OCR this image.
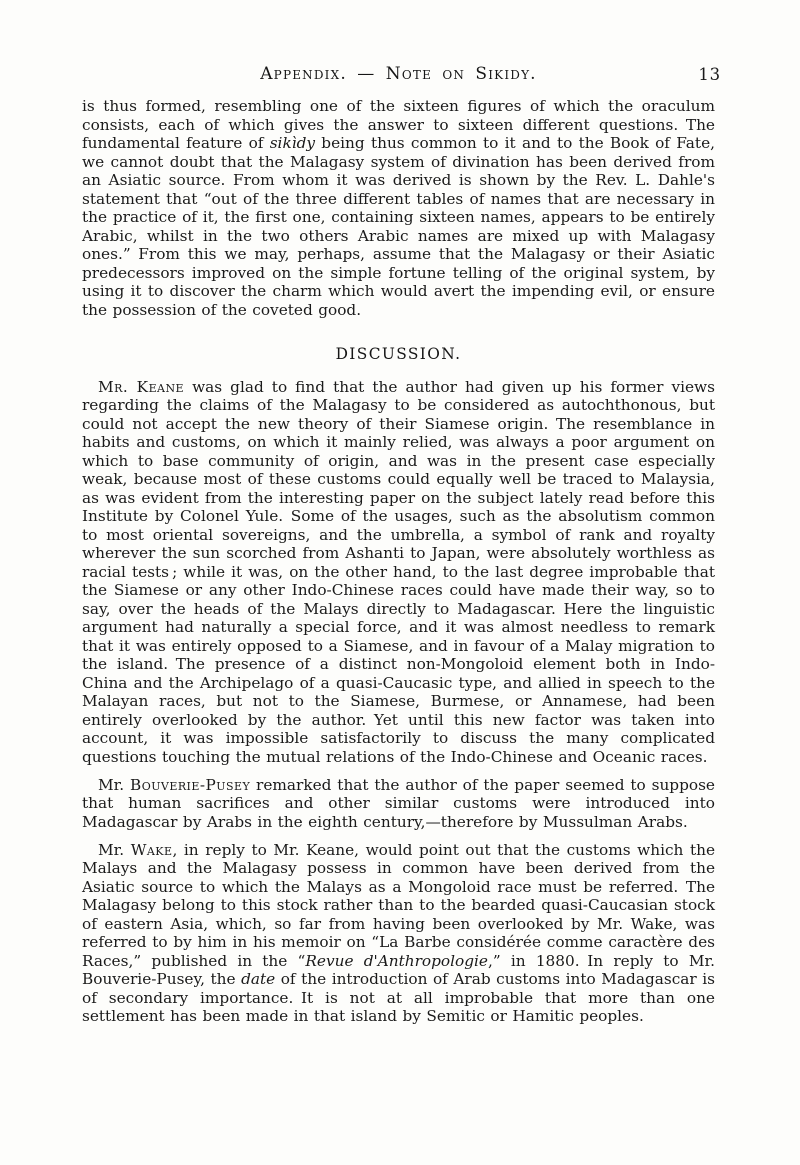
Appendix. — Note on Sikidy.	13

is thus formed, resembling one of the sixteen figures of which the oraculum consists, each of which gives the answer to sixteen different questions. The fundamental feature of sikìdy being thus common to it and to the Book of Fate, we cannot doubt that the Malagasy system of divination has been derived from an Asiatic source. From whom it was derived is shown by the Rev. L. Dahle's statement that “out of the three different tables of names that are necessary in the practice of it, the first one, containing sixteen names, appears to be entirely Arabic, whilst in the two others Arabic names are mixed up with Malagasy ones.” From this we may, perhaps, assume that the Malagasy or their Asiatic predecessors improved on the simple fortune telling of the original system, by using it to discover the charm which would avert the impending evil, or ensure the possession of the coveted good.

DISCUSSION.

Mr. Keane was glad to find that the author had given up his former views regarding the claims of the Malagasy to be considered as autochthonous, but could not accept the new theory of their Siamese origin. The resemblance in habits and customs, on which it mainly relied, was always a poor argument on which to base community of origin, and was in the present case especially weak, because most of these customs could equally well be traced to Malaysia, as was evident from the interesting paper on the subject lately read before this Institute by Colonel Yule. Some of the usages, such as the absolutism common to most oriental sovereigns, and the umbrella, a symbol of rank and royalty wherever the sun scorched from Ashanti to Japan, were absolutely worthless as racial tests ; while it was, on the other hand, to the last degree improbable that the Siamese or any other Indo-Chinese races could have made their way, so to say, over the heads of the Malays directly to Madagascar. Here the linguistic argument had naturally a special force, and it was almost needless to remark that it was entirely opposed to a Siamese, and in favour of a Malay migration to the island. The presence of a distinct non-Mongoloid element both in Indo-China and the Archipelago of a quasi-Caucasic type, and allied in speech to the Malayan races, but not to the Siamese, Burmese, or Annamese, had been entirely overlooked by the author. Yet until this new factor was taken into account, it was impossible satisfactorily to discuss the many complicated questions touching the mutual relations of the Indo-Chinese and Oceanic races.

Mr. Bouverie-Pusey remarked that the author of the paper seemed to suppose that human sacrifices and other similar customs were introduced into Madagascar by Arabs in the eighth century,—therefore by Mussulman Arabs.

Mr. Wake, in reply to Mr. Keane, would point out that the customs which the Malays and the Malagasy possess in common have been derived from the Asiatic source to which the Malays as a Mongoloid race must be referred. The Malagasy belong to this stock rather than to the bearded quasi-Caucasian stock of eastern Asia, which, so far from having been overlooked by Mr. Wake, was referred to by him in his memoir on “La Barbe considérée comme caractère des Races,” published in the “Revue d'Anthropologie,” in 1880. In reply to Mr. Bouverie-Pusey, the date of the introduction of Arab customs into Madagascar is of secondary importance. It is not at all improbable that more than one settlement has been made in that island by Semitic or Hamitic peoples.
